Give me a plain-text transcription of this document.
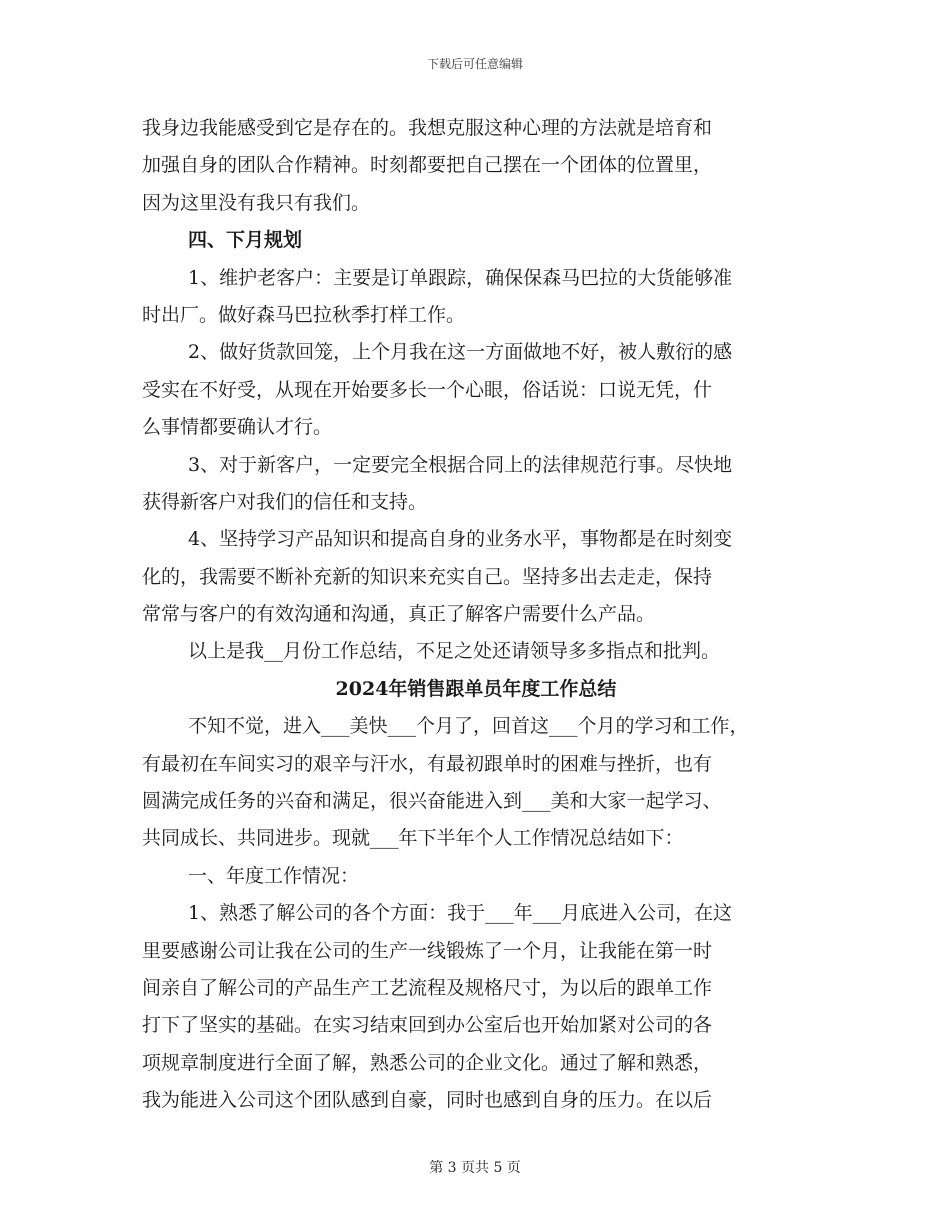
下载后可任意编辑
我身边我能感受到它是存在的。我想克服这种心理的方法就是培育和
加强自身的团队合作精神。时刻都要把自己摆在一个团体的位置里，
因为这里没有我只有我们。
四、下月规划
1、维护老客户：主要是订单跟踪，确保保森马巴拉的大货能够准
时出厂。做好森马巴拉秋季打样工作。
2、做好货款回笼，上个月我在这一方面做地不好，被人敷衍的感
受实在不好受，从现在开始要多长一个心眼，俗话说：口说无凭，什
么事情都要确认才行。
3、对于新客户，一定要完全根据合同上的法律规范行事。尽快地
获得新客户对我们的信任和支持。
4、坚持学习产品知识和提高自身的业务水平，事物都是在时刻变
化的，我需要不断补充新的知识来充实自己。坚持多出去走走，保持
常常与客户的有效沟通和沟通，真正了解客户需要什么产品。
以上是我__月份工作总结，不足之处还请领导多多指点和批判。
2024年销售跟单员年度工作总结
不知不觉，进入___美快___个月了，回首这___个月的学习和工作，
有最初在车间实习的艰辛与汗水，有最初跟单时的困难与挫折，也有
圆满完成任务的兴奋和满足，很兴奋能进入到___美和大家一起学习、
共同成长、共同进步。现就___年下半年个人工作情况总结如下：
一、年度工作情况：
1、熟悉了解公司的各个方面：我于___年___月底进入公司，在这
里要感谢公司让我在公司的生产一线锻炼了一个月，让我能在第一时
间亲自了解公司的产品生产工艺流程及规格尺寸，为以后的跟单工作
打下了坚实的基础。在实习结束回到办公室后也开始加紧对公司的各
项规章制度进行全面了解，熟悉公司的企业文化。通过了解和熟悉，
我为能进入公司这个团队感到自豪，同时也感到自身的压力。在以后
第 3 页共 5 页
